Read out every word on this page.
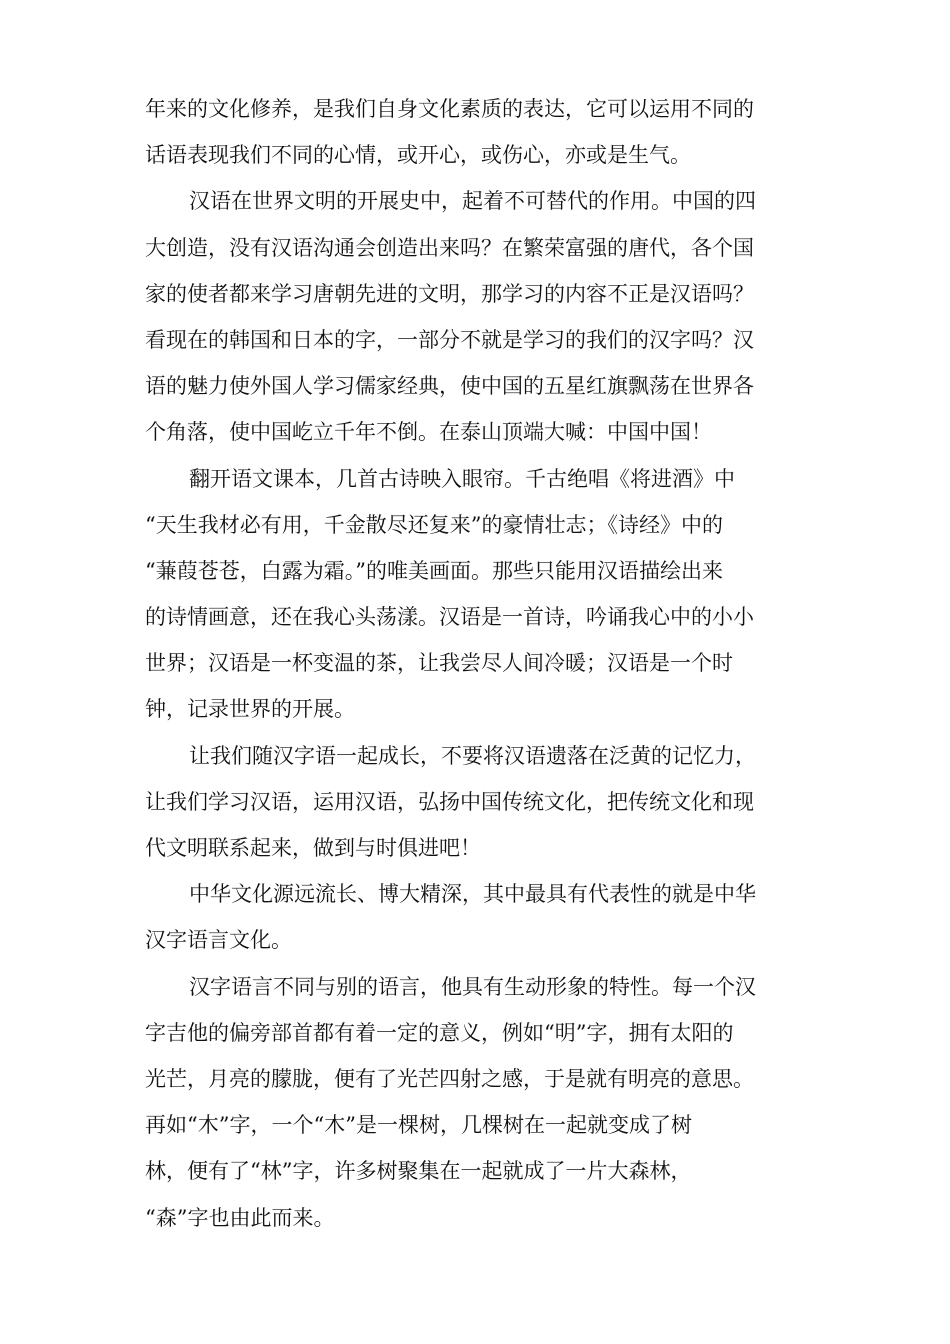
年来的文化修养，是我们自身文化素质的表达，它可以运用不同的
话语表现我们不同的心情，或开心，或伤心，亦或是生气。
汉语在世界文明的开展史中，起着不可替代的作用。中国的四
大创造，没有汉语沟通会创造出来吗？在繁荣富强的唐代，各个国
家的使者都来学习唐朝先进的文明，那学习的内容不正是汉语吗？
看现在的韩国和日本的字，一部分不就是学习的我们的汉字吗？汉
语的魅力使外国人学习儒家经典，使中国的五星红旗飘荡在世界各
个角落，使中国屹立千年不倒。在泰山顶端大喊：中国中国！
翻开语文课本，几首古诗映入眼帘。千古绝唱《将进酒》中
“天生我材必有用，千金散尽还复来”的豪情壮志；《诗经》中的
“蒹葭苍苍，白露为霜。”的唯美画面。那些只能用汉语描绘出来
的诗情画意，还在我心头荡漾。汉语是一首诗，吟诵我心中的小小
世界；汉语是一杯变温的茶，让我尝尽人间冷暖；汉语是一个时
钟，记录世界的开展。
让我们随汉字语一起成长，不要将汉语遗落在泛黄的记忆力，
让我们学习汉语，运用汉语，弘扬中国传统文化，把传统文化和现
代文明联系起来，做到与时俱进吧！
中华文化源远流长、博大精深，其中最具有代表性的就是中华
汉字语言文化。
汉字语言不同与别的语言，他具有生动形象的特性。每一个汉
字吉他的偏旁部首都有着一定的意义，例如“明”字，拥有太阳的
光芒，月亮的朦胧，便有了光芒四射之感，于是就有明亮的意思。
再如“木”字，一个“木”是一棵树，几棵树在一起就变成了树
林，便有了“林”字，许多树聚集在一起就成了一片大森林，
“森”字也由此而来。
